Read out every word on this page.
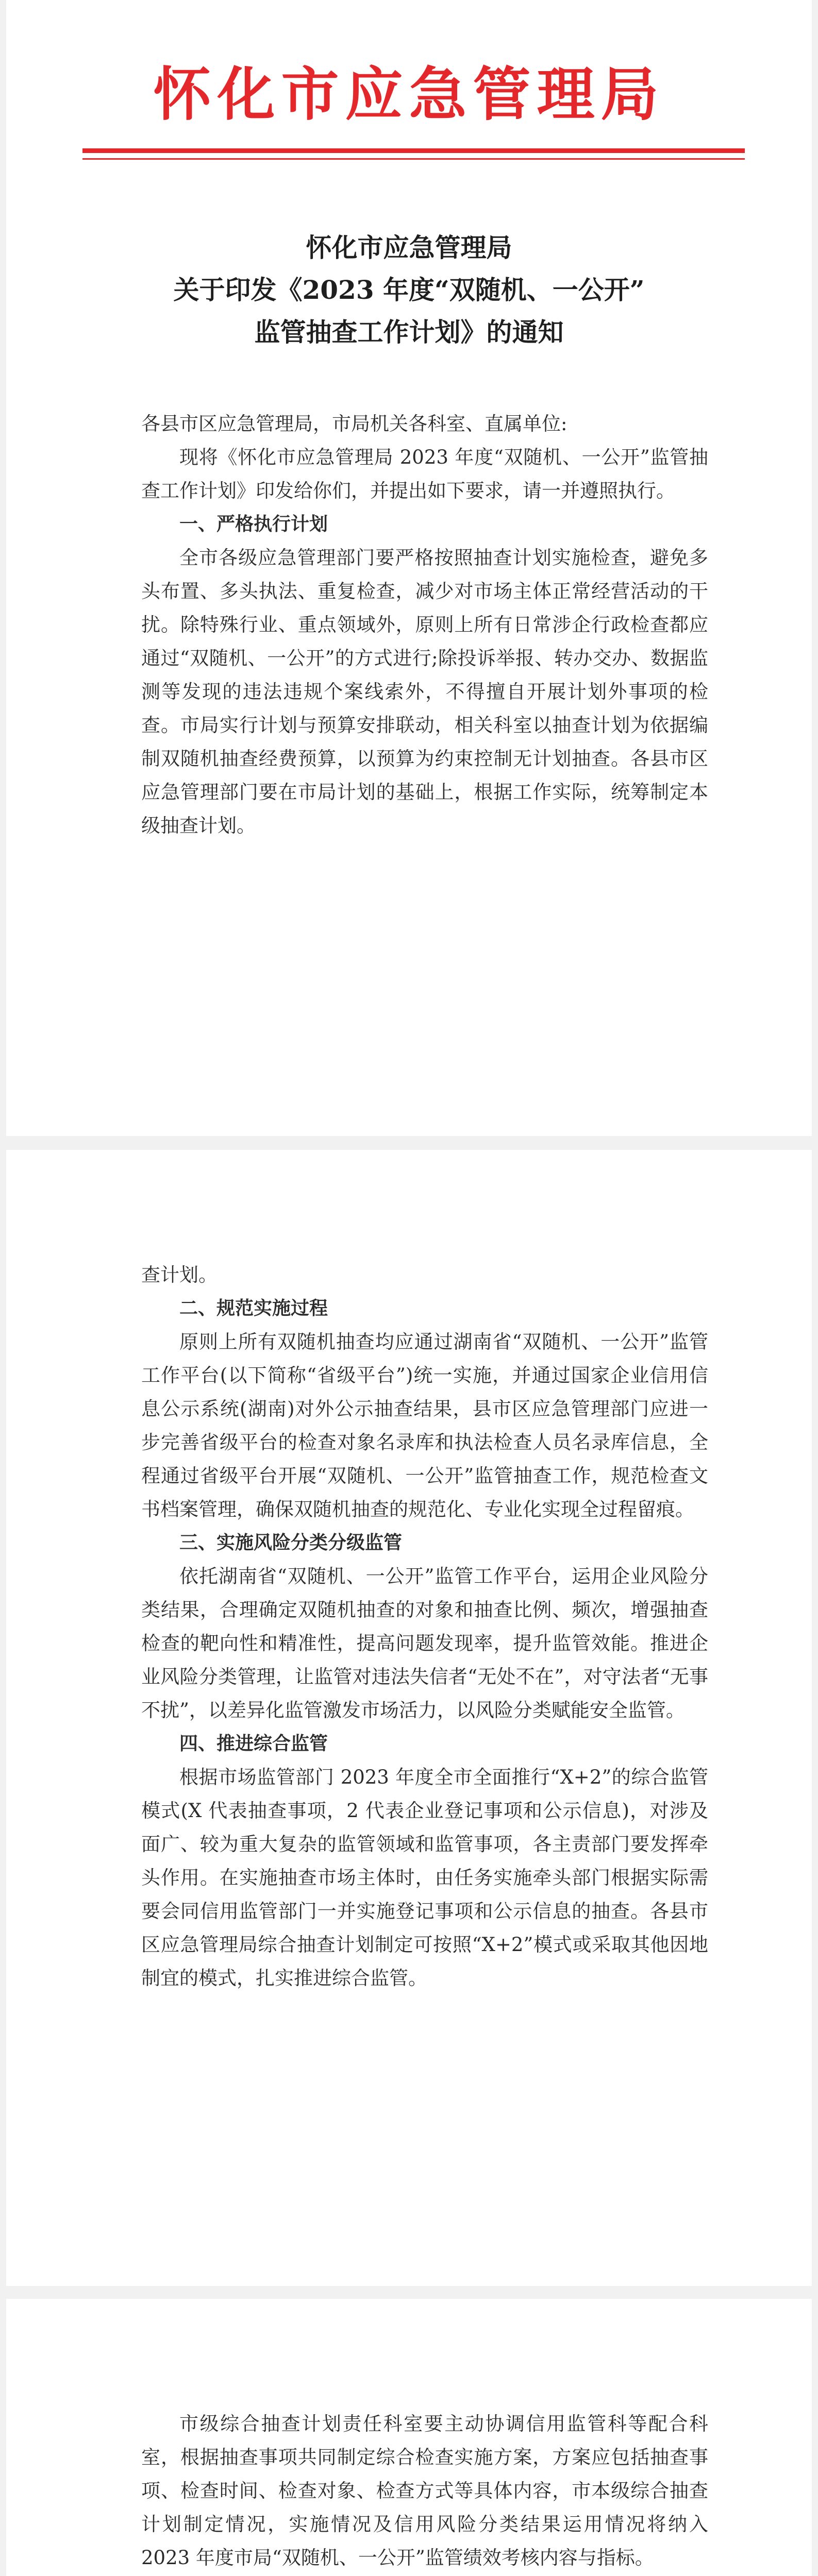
怀化市应急管理局
怀化市应急管理局
关于印发《2023 年度“双随机、一公开”
监管抽查工作计划》的通知

各县市区应急管理局，市局机关各科室、直属单位:

现将《怀化市应急管理局 2023 年度“双随机、一公开”监管抽查工作计划》印发给你们，并提出如下要求，请一并遵照执行。

一、严格执行计划

全市各级应急管理部门要严格按照抽查计划实施检查，避免多头布置、多头执法、重复检查，减少对市场主体正常经营活动的干扰。除特殊行业、重点领域外，原则上所有日常涉企行政检查都应通过“双随机、一公开”的方式进行;除投诉举报、转办交办、数据监测等发现的违法违规个案线索外，不得擅自开展计划外事项的检查。市局实行计划与预算安排联动，相关科室以抽查计划为依据编制双随机抽查经费预算，以预算为约束控制无计划抽查。各县市区应急管理部门要在市局计划的基础上，根据工作实际，统筹制定本级抽查计划。

查计划。

二、规范实施过程

原则上所有双随机抽查均应通过湖南省“双随机、一公开”监管工作平台(以下简称“省级平台”)统一实施，并通过国家企业信用信息公示系统(湖南)对外公示抽查结果，县市区应急管理部门应进一步完善省级平台的检查对象名录库和执法检查人员名录库信息，全程通过省级平台开展“双随机、一公开”监管抽查工作，规范检查文书档案管理，确保双随机抽查的规范化、专业化实现全过程留痕。

三、实施风险分类分级监管

依托湖南省“双随机、一公开”监管工作平台，运用企业风险分类结果，合理确定双随机抽查的对象和抽查比例、频次，增强抽查检查的靶向性和精准性，提高问题发现率，提升监管效能。推进企业风险分类管理，让监管对违法失信者“无处不在”，对守法者“无事不扰”，以差异化监管激发市场活力，以风险分类赋能安全监管。

四、推进综合监管

根据市场监管部门 2023 年度全市全面推行“X+2”的综合监管模式(X 代表抽查事项，2 代表企业登记事项和公示信息)，对涉及面广、较为重大复杂的监管领域和监管事项，各主责部门要发挥牵头作用。在实施抽查市场主体时，由任务实施牵头部门根据实际需要会同信用监管部门一并实施登记事项和公示信息的抽查。各县市区应急管理局综合抽查计划制定可按照“X+2”模式或采取其他因地制宜的模式，扎实推进综合监管。

市级综合抽查计划责任科室要主动协调信用监管科等配合科室，根据抽查事项共同制定综合检查实施方案，方案应包括抽查事项、检查时间、检查对象、检查方式等具体内容，市本级综合抽查计划制定情况，实施情况及信用风险分类结果运用情况将纳入 2023 年度市局“双随机、一公开”监管绩效考核内容与指标。
